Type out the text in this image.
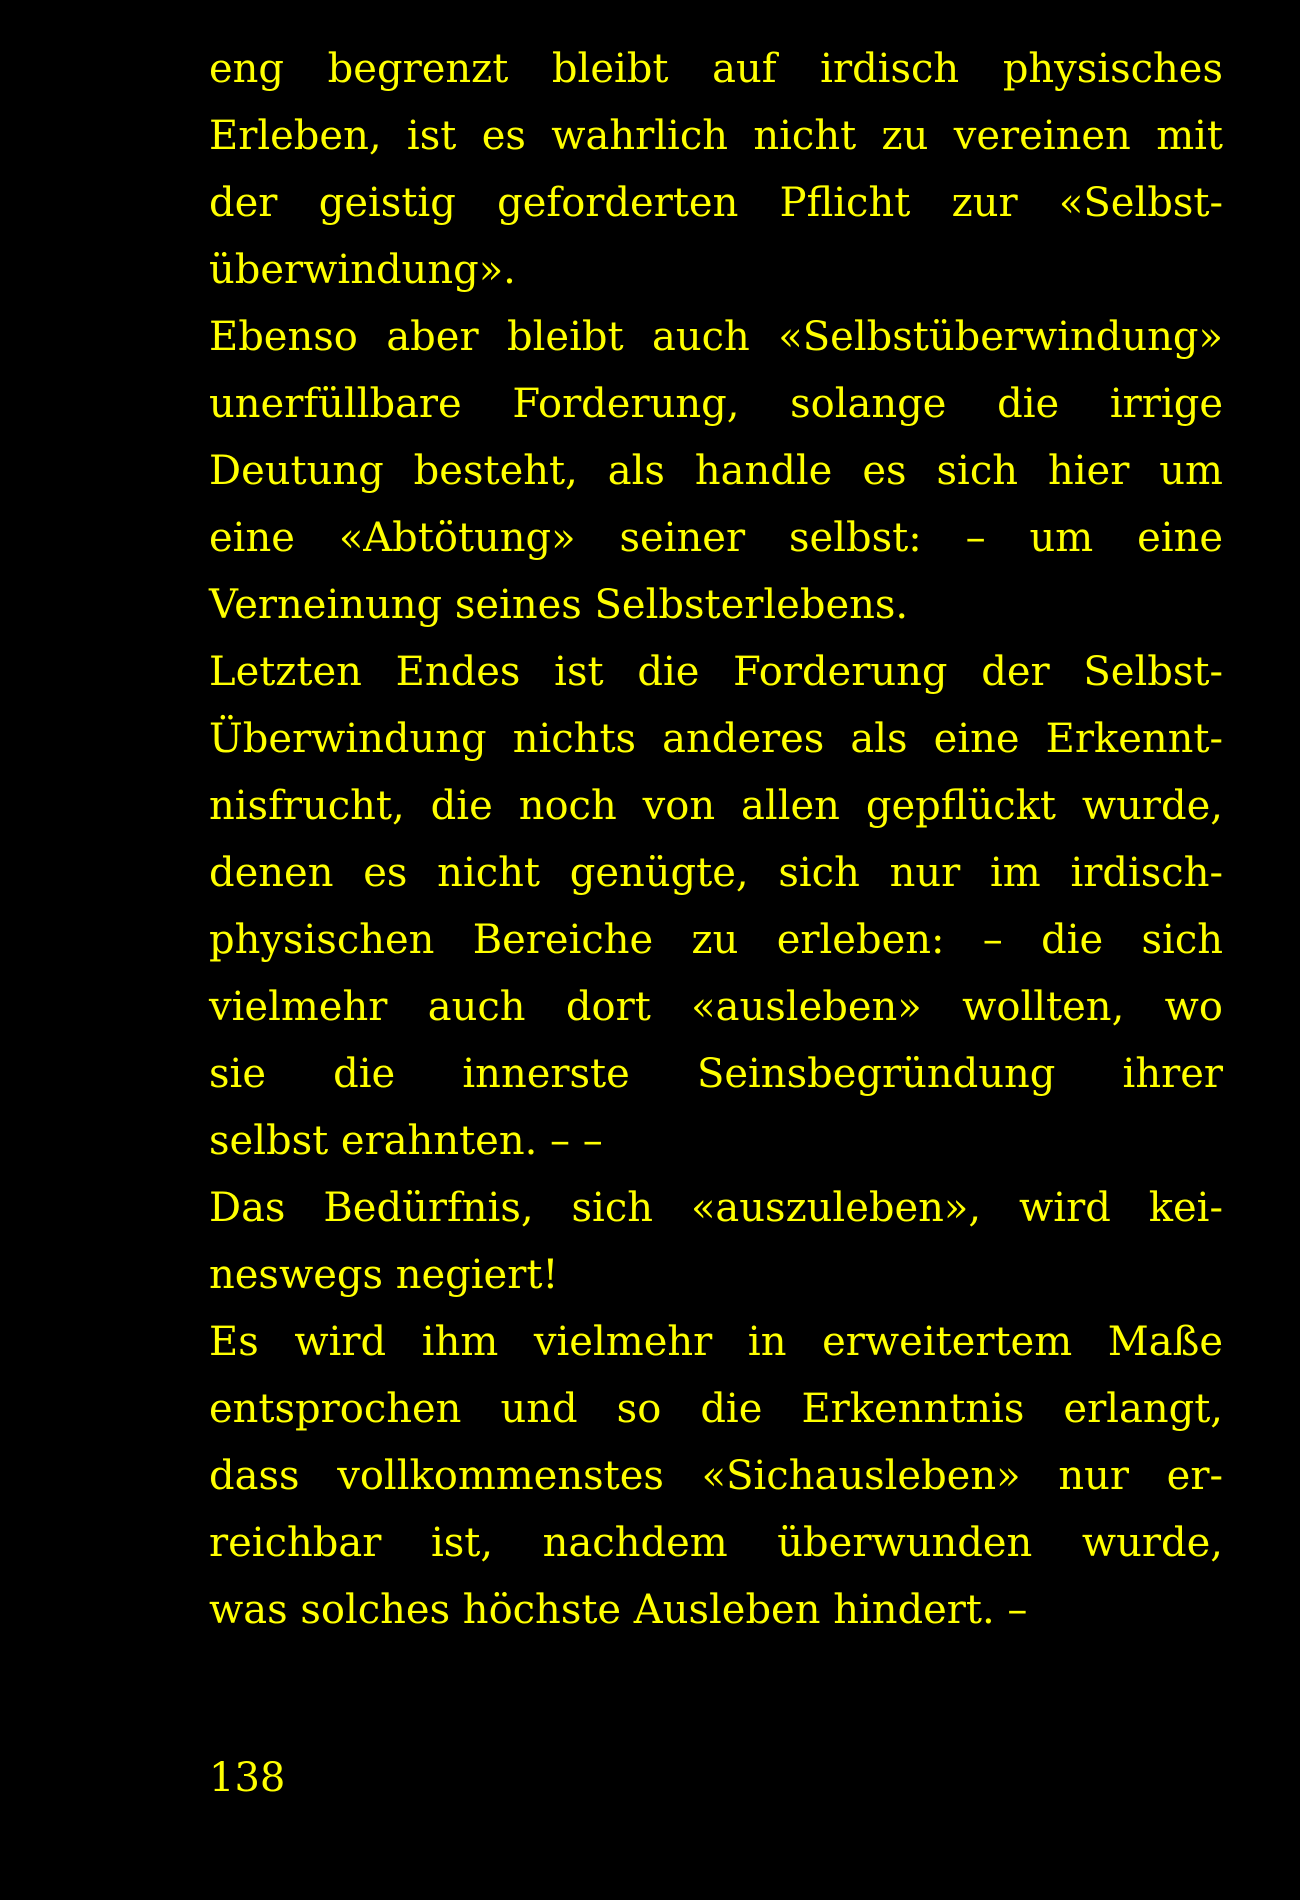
eng begrenzt bleibt auf irdisch physisches
Erleben, ist es wahrlich nicht zu vereinen mit
der geistig geforderten Pflicht zur «Selbst-
überwindung».
Ebenso aber bleibt auch «Selbstüberwindung»
unerfüllbare Forderung, solange die irrige
Deutung besteht, als handle es sich hier um
eine «Abtötung» seiner selbst: – um eine
Verneinung seines Selbsterlebens.
Letzten Endes ist die Forderung der Selbst-
Überwindung nichts anderes als eine Erkennt-
nisfrucht, die noch von allen gepflückt wurde,
denen es nicht genügte, sich nur im irdisch-
physischen Bereiche zu erleben: – die sich
vielmehr auch dort «ausleben» wollten, wo
sie die innerste Seinsbegründung ihrer
selbst erahnten. – –
Das Bedürfnis, sich «auszuleben», wird kei-
neswegs negiert!
Es wird ihm vielmehr in erweitertem Maße
entsprochen und so die Erkenntnis erlangt,
dass vollkommenstes «Sichausleben» nur er-
reichbar ist, nachdem überwunden wurde,
was solches höchste Ausleben hindert. –
138
